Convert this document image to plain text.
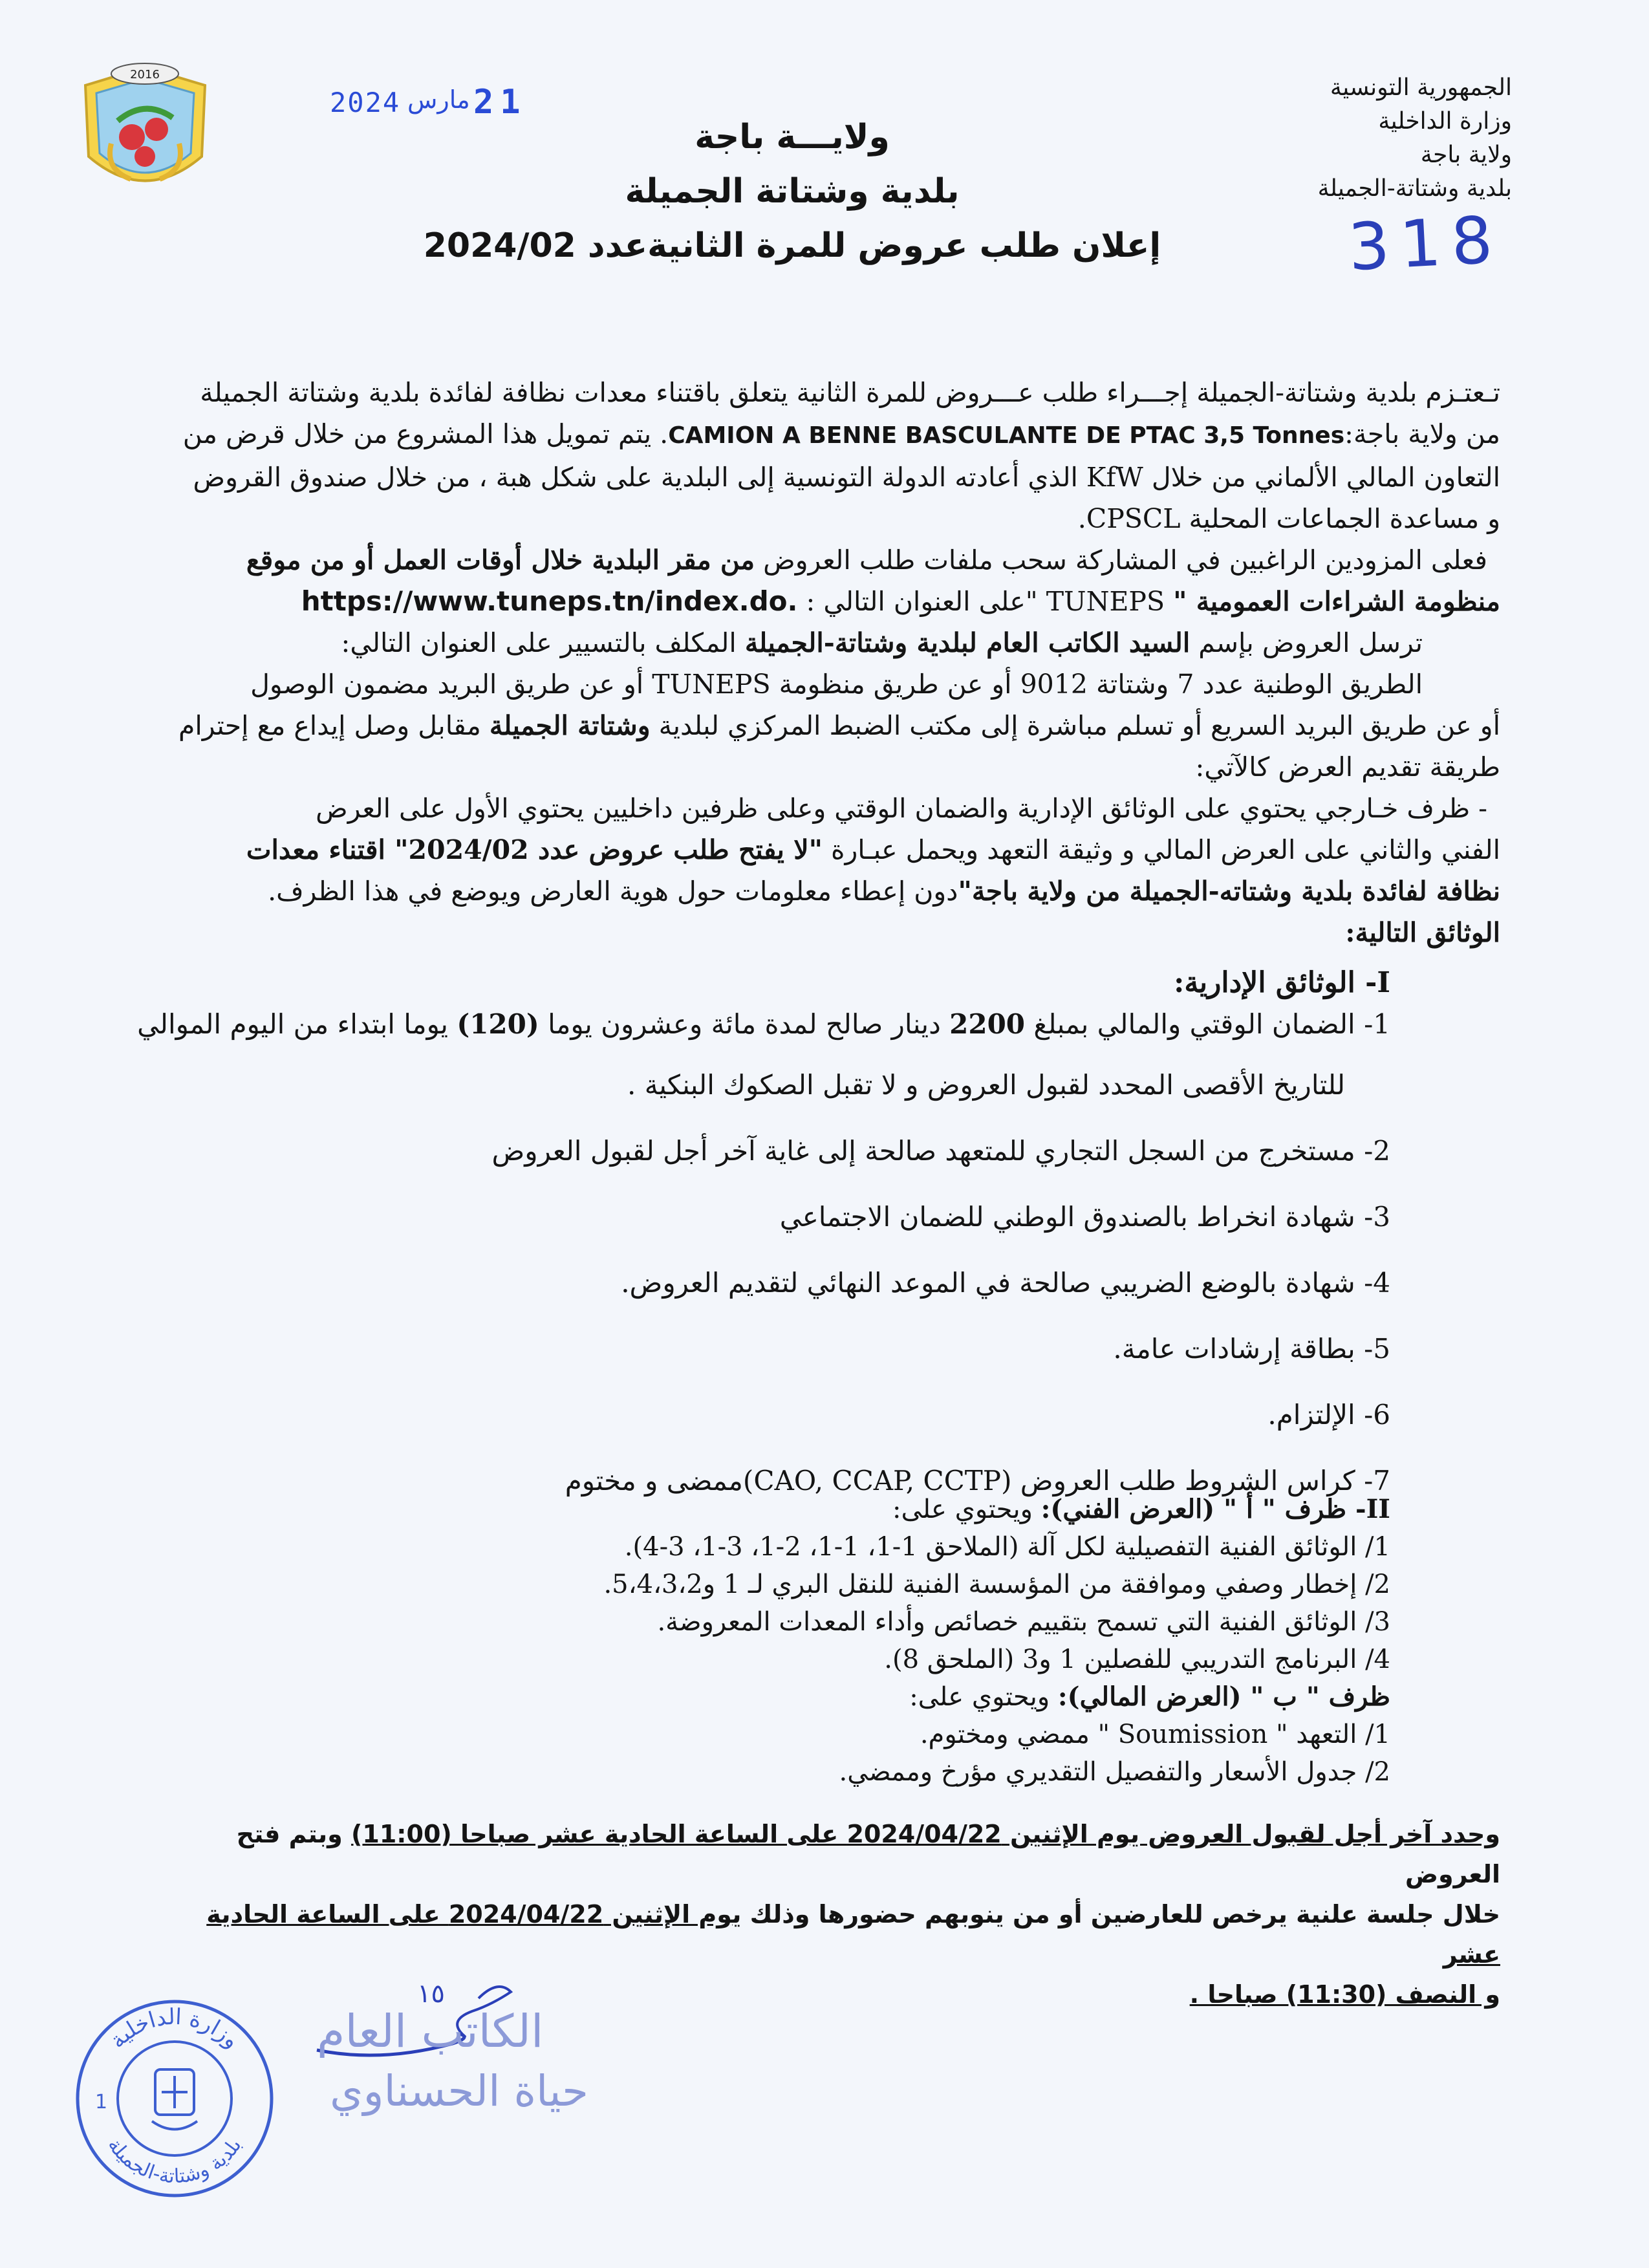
2016
2024 مارس 21	الجمهورية التونسية
وزارة الداخلية
ولاية باجة
بلدية وشتاتة-الجميلة
318
ولايـــة باجة
بلدية وشتاتة الجميلة
إعلان طلب عروض للمرة الثانيةعدد 2024/02
تـعتـزم بلدية وشتاتة-الجميلة إجـــراء طلب عـــروض للمرة الثانية يتعلق باقتناء معدات نظافة لفائدة بلدية وشتاتة الجميلة
من ولاية باجة:CAMION A BENNE BASCULANTE DE PTAC 3,5 Tonnes. يتم تمويل هذا المشروع من خلال قرض من
التعاون المالي الألماني من خلال KfW الذي أعادته الدولة التونسية إلى البلدية على شكل هبة ، من خلال صندوق القروض
و مساعدة الجماعات المحلية CPSCL.
فعلى المزودين الراغبين في المشاركة سحب ملفات طلب العروض من مقر البلدية خلال أوقات العمل أو من موقع
منظومة الشراءات العمومية " TUNEPS "على العنوان التالي : https://www.tuneps.tn/index.do.
ترسل العروض بإسم السيد الكاتب العام لبلدية وشتاتة-الجميلة المكلف بالتسيير على العنوان التالي:
الطريق الوطنية عدد 7 وشتاتة 9012 أو عن طريق منظومة TUNEPS أو عن طريق البريد مضمون الوصول
أو عن طريق البريد السريع أو تسلم مباشرة إلى مكتب الضبط المركزي لبلدية وشتاتة الجميلة مقابل وصل إيداع مع إحترام
طريقة تقديم العرض كالآتي:
- ظرف خـارجي يحتوي على الوثائق الإدارية والضمان الوقتي وعلى ظرفين داخليين يحتوي الأول على العرض
الفني والثاني على العرض المالي و وثيقة التعهد ويحمل عبـارة "لا يفتح طلب عروض عدد 2024/02" اقتناء معدات
نظافة لفائدة بلدية وشتاته-الجميلة من ولاية باجة"دون إعطاء معلومات حول هوية العارض ويوضع في هذا الظرف.
الوثائق التالية:
I- الوثائق الإدارية:
1- الضمان الوقتي والمالي بمبلغ 2200 دينار صالح لمدة مائة وعشرون يوما (120) يوما ابتداء من اليوم الموالي
للتاريخ الأقصى المحدد لقبول العروض و لا تقبل الصكوك البنكية .
2- مستخرج من السجل التجاري للمتعهد صالحة إلى غاية آخر أجل لقبول العروض
3- شهادة انخراط بالصندوق الوطني للضمان الاجتماعي
4- شهادة بالوضع الضريبي صالحة في الموعد النهائي لتقديم العروض.
5- بطاقة إرشادات عامة.
6- الإلتزام.
7- كراس الشروط طلب العروض (CAO, CCAP, CCTP)ممضى و مختوم
II- ظرف " أ " (العرض الفني): ويحتوي على:
1/ الوثائق الفنية التفصيلية لكل آلة (الملاحق 1-1، 1-1، 2-1، 3-1، 3-4).
2/ إخطار وصفي وموافقة من المؤسسة الفنية للنقل البري لـ 1 و5،4،3،2.
3/ الوثائق الفنية التي تسمح بتقييم خصائص وأداء المعدات المعروضة.
4/ البرنامج التدريبي للفصلين 1 و3 (الملحق 8).
ظرف " ب " (العرض المالي): ويحتوي على:
1/ التعهد " Soumission " ممضي ومختوم.
2/ جدول الأسعار والتفصيل التقديري مؤرخ وممضي.
وحدد آخر أجل لقبول العروض يوم الإثنين 2024/04/22 على الساعة الحادية عشر صباحا (11:00) وبتم فتح العروض
خلال جلسة علنية يرخص للعارضين أو من ينوبهم حضورها وذلك يوم الإثنين 2024/04/22 على الساعة الحادية عشر
و النصف (11:30) صباحا .
وزارة الداخلية
بلدية وشتاتة-الجميلة
1
١٥
الكاتب العام
حياة الحسناوي
